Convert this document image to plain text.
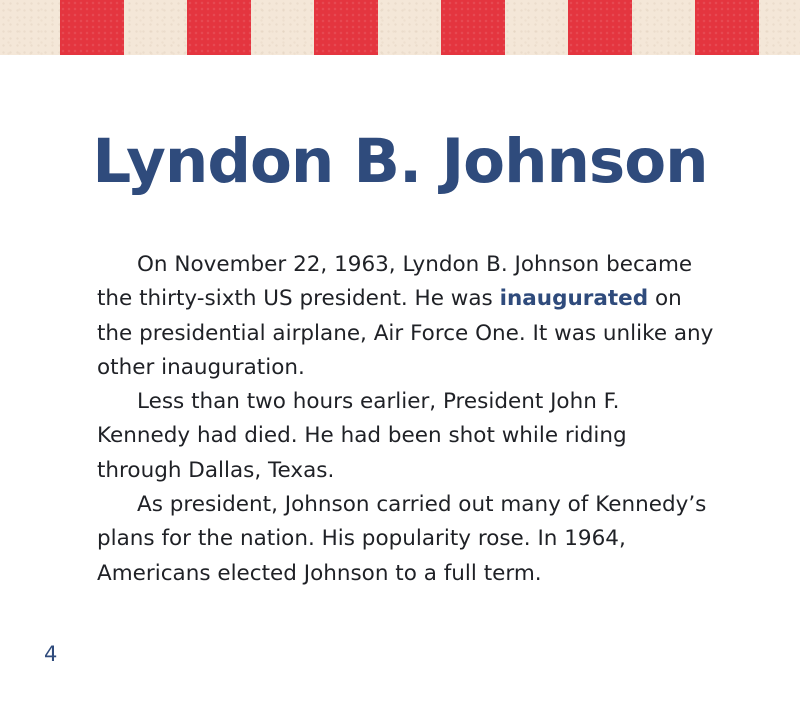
Lyndon B. Johnson

On November 22, 1963, Lyndon B. Johnson became the thirty-sixth US president. He was inaugurated on the presidential airplane, Air Force One. It was unlike any other inauguration.

Less than two hours earlier, President John F. Kennedy had died. He had been shot while riding through Dallas, Texas.

As president, Johnson carried out many of Kennedy’s plans for the nation. His popularity rose. In 1964, Americans elected Johnson to a full term.

4
